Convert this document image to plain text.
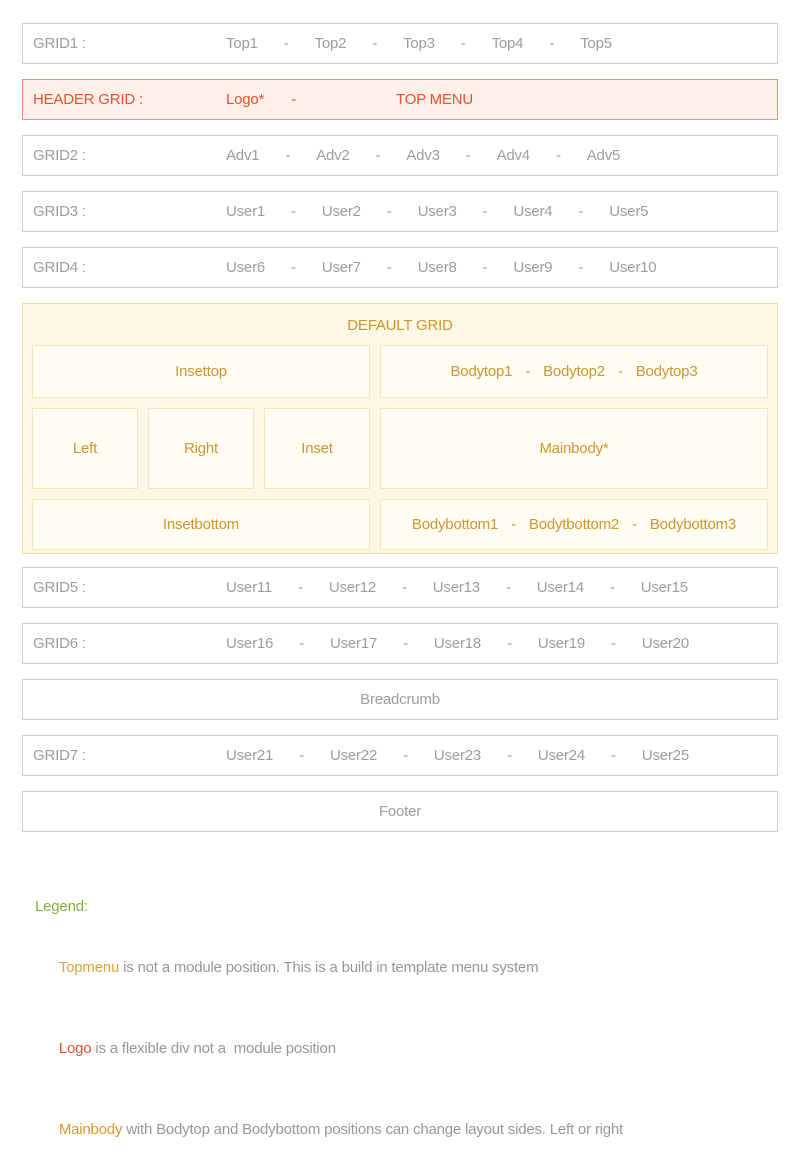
GRID1 :	Top1 - Top2 - Top3 - Top4 - Top5
HEADER GRID :	Logo* -	TOP MENU
GRID2 :	Adv1 - Adv2 - Adv3 - Adv4 - Adv5
GRID3 :	User1 - User2 - User3 - User4 - User5
GRID4 :	User6 - User7 - User8 - User9 - User10
DEFAULT GRID
Insettop
Left	Right	Inset
Insetbottom
Bodytop1 - Bodytop2 - Bodytop3
Mainbody*
Bodybottom1 - Bodytbottom2 - Bodybottom3
GRID5 :	User11 - User12 - User13 - User14 - User15
GRID6 :	User16 - User17 - User18 - User19 - User20
Breadcrumb
GRID7 :	User21 - User22 - User23 - User24 - User25
Footer
Legend:

Topmenu is not a module position. This is a build in template menu system

Logo is a flexible div not a  module position

Mainbody with Bodytop and Bodybottom positions can change layout sides. Left or right
